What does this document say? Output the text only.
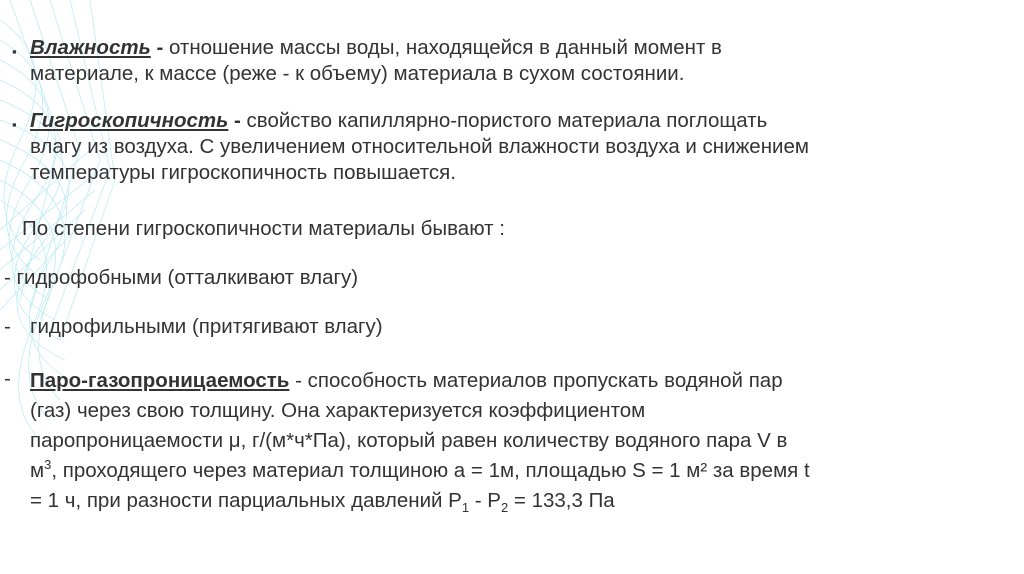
▪ Влажность - отношение массы воды, находящейся в данный момент в
материале, к массе (реже - к объему) материала в сухом состоянии.
▪ Гигроскопичность - свойство капиллярно-пористого материала поглощать
влагу из воздуха. С увеличением относительной влажности воздуха и снижением
температуры гигроскопичность повышается.
По степени гигроскопичности материалы бывают :
- гидрофобными (отталкивают влагу)
- гидрофильными (притягивают влагу)
- Паро-газопроницаемость - способность материалов пропускать водяной пар
(газ) через свою толщину. Она характеризуется коэффициентом
паропроницаемости μ, г/(м*ч*Па), который равен количеству водяного пара V в
$м^3$, проходящего через материал толщиною а = 1м, площадью S = 1 м² за время t
= 1 ч, при разности парциальных давлений $Р_1 - Р_2 = 133,3$ Па
